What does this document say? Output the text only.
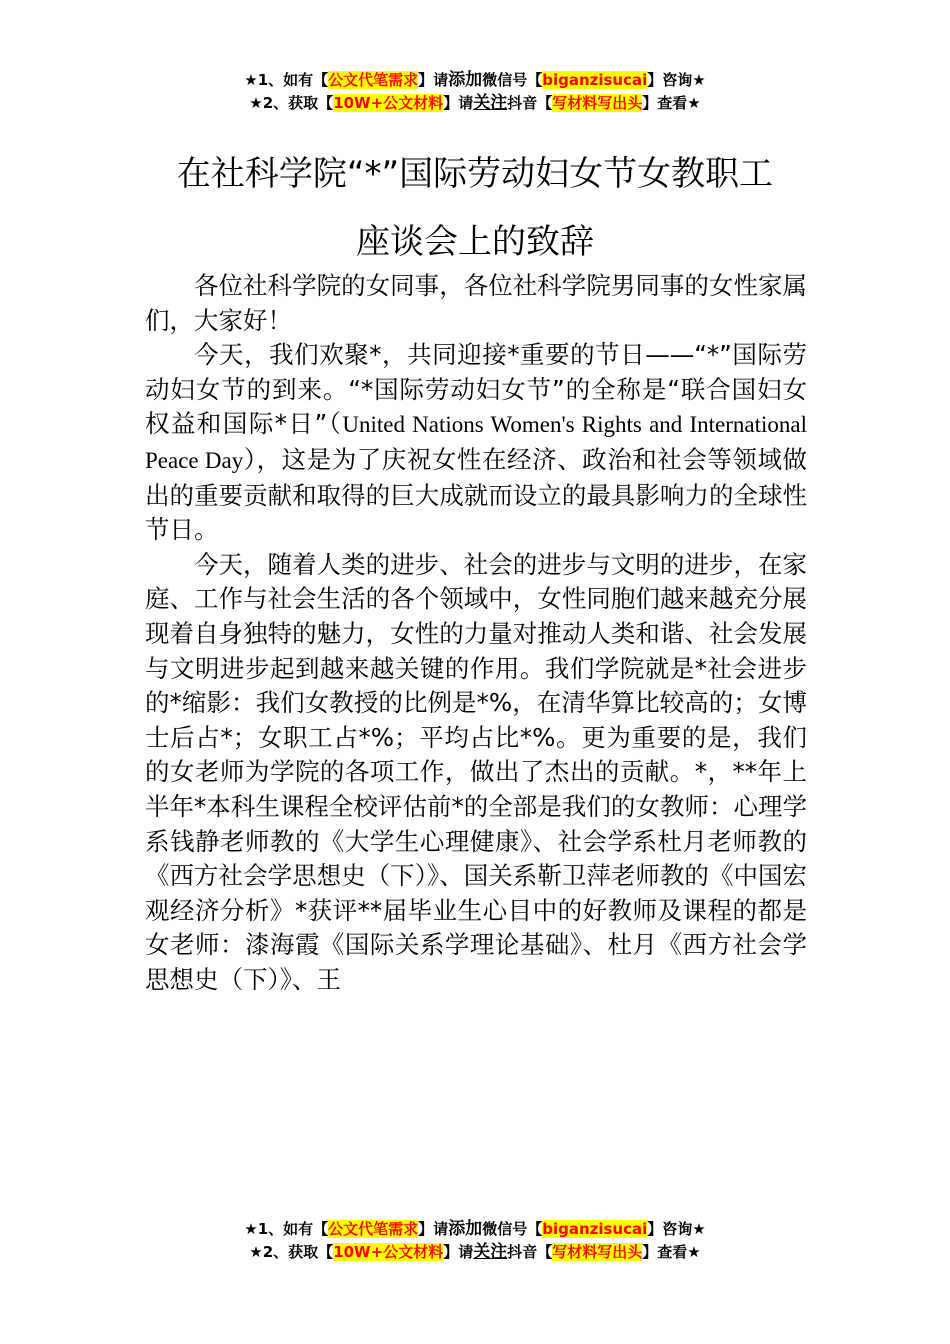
★1、如有【公文代笔需求】请添加微信号【biganzisucai】咨询★
★2、获取【10W+公文材料】请关注抖音【写材料写出头】查看★
在社科学院“*”国际劳动妇女节女教职工
座谈会上的致辞

各位社科学院的女同事，各位社科学院男同事的女性家属们，大家好！

今天，我们欢聚*，共同迎接*重要的节日——“*”国际劳动妇女节的到来。“*国际劳动妇女节”的全称是“联合国妇女权益和国际*日”（United Nations Women's Rights and International Peace Day），这是为了庆祝女性在经济、政治和社会等领域做出的重要贡献和取得的巨大成就而设立的最具影响力的全球性节日。

今天，随着人类的进步、社会的进步与文明的进步，在家庭、工作与社会生活的各个领域中，女性同胞们越来越充分展现着自身独特的魅力，女性的力量对推动人类和谐、社会发展与文明进步起到越来越关键的作用。我们学院就是*社会进步的*缩影：我们女教授的比例是*%，在清华算比较高的；女博士后占*；女职工占*%；平均占比*%。更为重要的是，我们的女老师为学院的各项工作，做出了杰出的贡献。*，**年上半年*本科生课程全校评估前*的全部是我们的女教师：心理学系钱静老师教的《大学生心理健康》、社会学系杜月老师教的《西方社会学思想史（下）》、国关系靳卫萍老师教的《中国宏观经济分析》*获评**届毕业生心目中的好教师及课程的都是女老师：漆海霞《国际关系学理论基础》、杜月《西方社会学思想史（下）》、王

★1、如有【公文代笔需求】请添加微信号【biganzisucai】咨询★
★2、获取【10W+公文材料】请关注抖音【写材料写出头】查看★
